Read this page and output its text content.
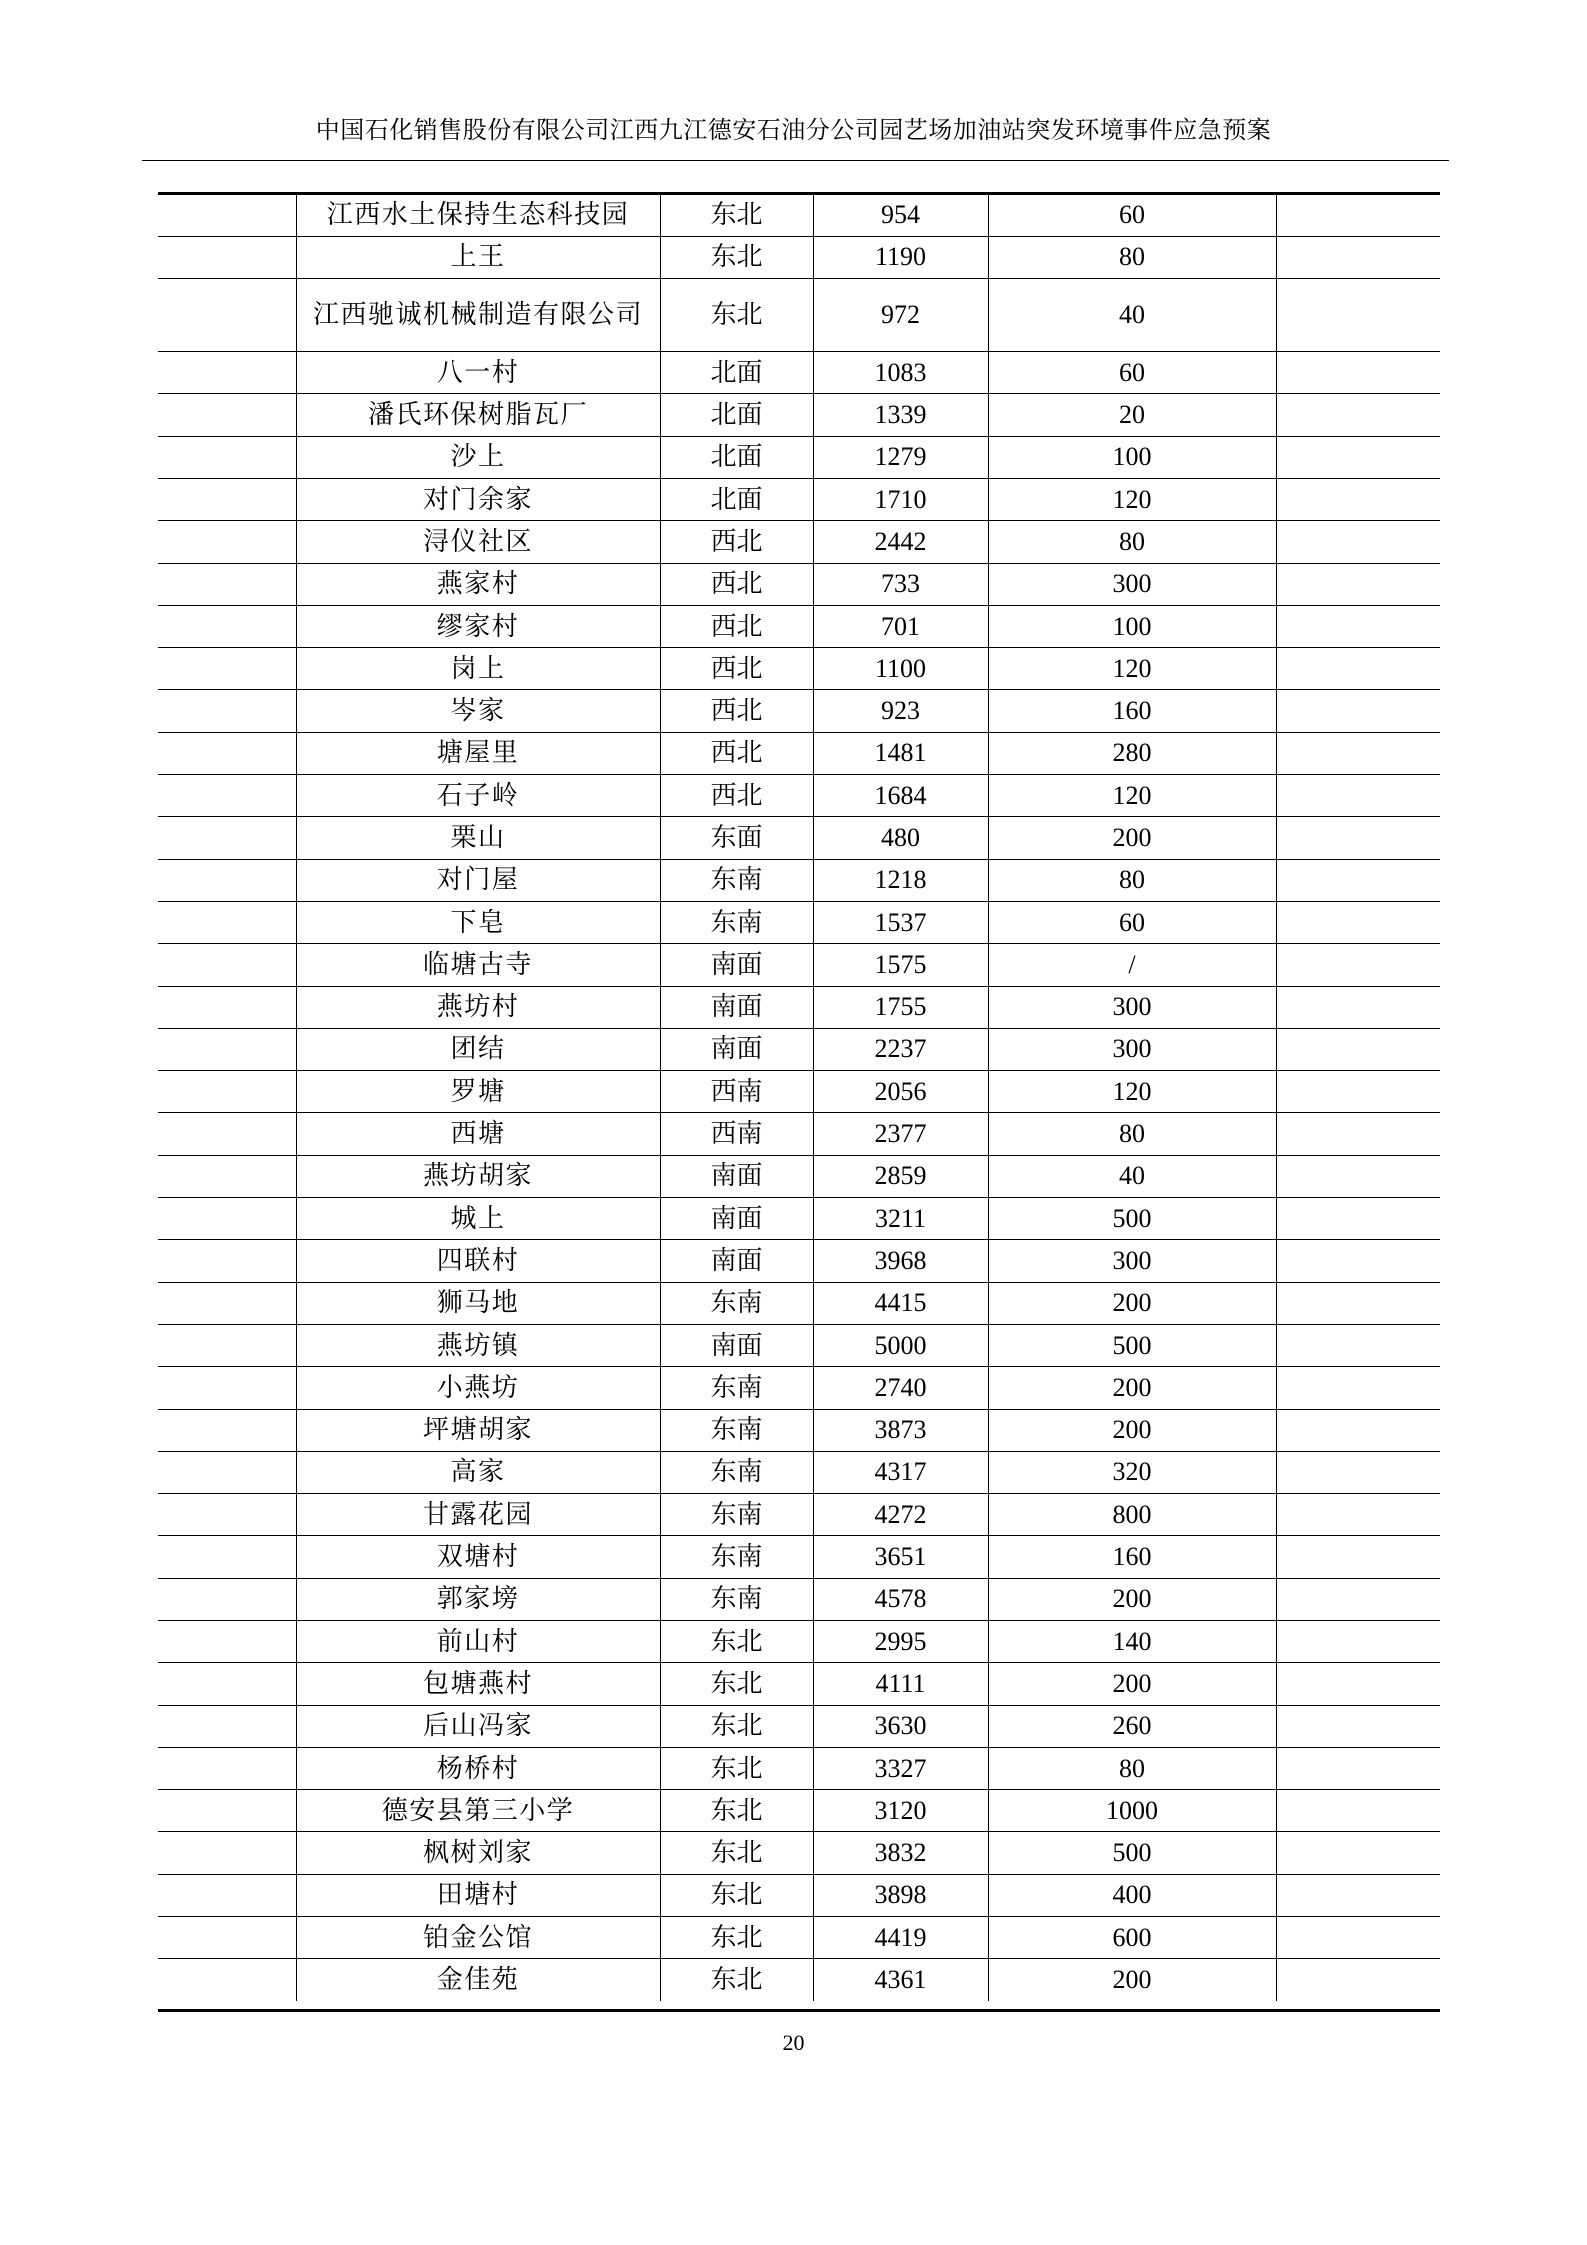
中国石化销售股份有限公司江西九江德安石油分公司园艺场加油站突发环境事件应急预案
	江西水土保持生态科技园	东北	954	60	
	上王	东北	1190	80	
	江西驰诚机械制造有限公司	东北	972	40	
	八一村	北面	1083	60	
	潘氏环保树脂瓦厂	北面	1339	20	
	沙上	北面	1279	100	
	对门余家	北面	1710	120	
	浔仪社区	西北	2442	80	
	燕家村	西北	733	300	
	缪家村	西北	701	100	
	岗上	西北	1100	120	
	岑家	西北	923	160	
	塘屋里	西北	1481	280	
	石子岭	西北	1684	120	
	栗山	东面	480	200	
	对门屋	东南	1218	80	
	下皂	东南	1537	60	
	临塘古寺	南面	1575	/	
	燕坊村	南面	1755	300	
	团结	南面	2237	300	
	罗塘	西南	2056	120	
	西塘	西南	2377	80	
	燕坊胡家	南面	2859	40	
	城上	南面	3211	500	
	四联村	南面	3968	300	
	狮马地	东南	4415	200	
	燕坊镇	南面	5000	500	
	小燕坊	东南	2740	200	
	坪塘胡家	东南	3873	200	
	高家	东南	4317	320	
	甘露花园	东南	4272	800	
	双塘村	东南	3651	160	
	郭家塝	东南	4578	200	
	前山村	东北	2995	140	
	包塘燕村	东北	4111	200	
	后山冯家	东北	3630	260	
	杨桥村	东北	3327	80	
	德安县第三小学	东北	3120	1000	
	枫树刘家	东北	3832	500	
	田塘村	东北	3898	400	
	铂金公馆	东北	4419	600	
	金佳苑	东北	4361	200	
20
